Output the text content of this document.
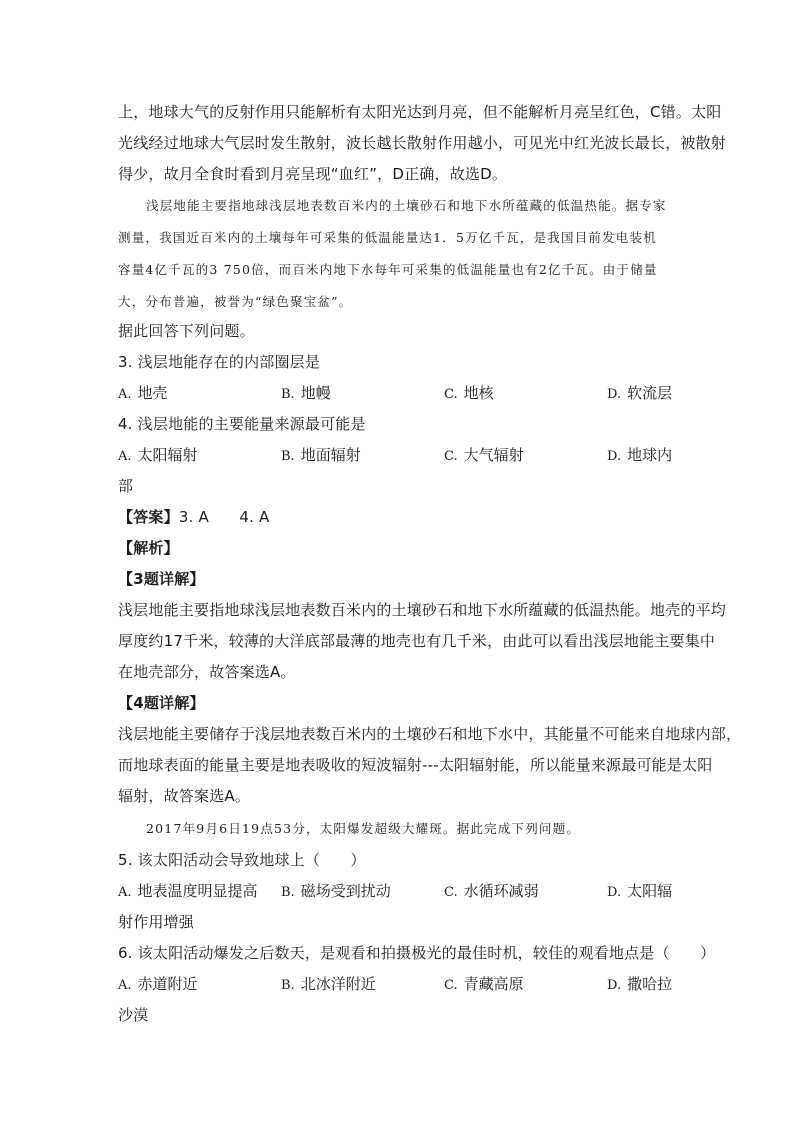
上，地球大气的反射作用只能解析有太阳光达到月亮，但不能解析月亮呈红色，C错。太阳
光线经过地球大气层时发生散射，波长越长散射作用越小，可见光中红光波长最长，被散射
得少，故月全食时看到月亮呈现“血红”，D正确，故选D。
浅层地能主要指地球浅层地表数百米内的土壤砂石和地下水所蕴藏的低温热能。据专家
测量，我国近百米内的土壤每年可采集的低温能量达1．5万亿千瓦，是我国目前发电装机
容量4亿千瓦的3 750倍，而百米内地下水每年可采集的低温能量也有2亿千瓦。由于储量
大，分布普遍，被誉为“绿色聚宝盆”。
据此回答下列问题。
3. 浅层地能存在的内部圈层是
A. 地壳	B. 地幔	C. 地核	D. 软流层
4. 浅层地能的主要能量来源最可能是
A. 太阳辐射	B. 地面辐射	C. 大气辐射	D. 地球内
部
【答案】3. A　　4. A
【解析】
【3题详解】
浅层地能主要指地球浅层地表数百米内的土壤砂石和地下水所蕴藏的低温热能。地壳的平均
厚度约17千米，较薄的大洋底部最薄的地壳也有几千米，由此可以看出浅层地能主要集中
在地壳部分，故答案选A。
【4题详解】
浅层地能主要储存于浅层地表数百米内的土壤砂石和地下水中，其能量不可能来自地球内部，
而地球表面的能量主要是地表吸收的短波辐射---太阳辐射能，所以能量来源最可能是太阳
辐射，故答案选A。
2017年9月6日19点53分，太阳爆发超级大耀斑。据此完成下列问题。
5. 该太阳活动会导致地球上（　　）
A. 地表温度明显提高 B. 磁场受到扰动	C. 水循环减弱	D. 太阳辐
射作用增强
6. 该太阳活动爆发之后数天，是观看和拍摄极光的最佳时机，较佳的观看地点是（　　）
A. 赤道附近	B. 北冰洋附近	C. 青藏高原	D. 撒哈拉
沙漠
